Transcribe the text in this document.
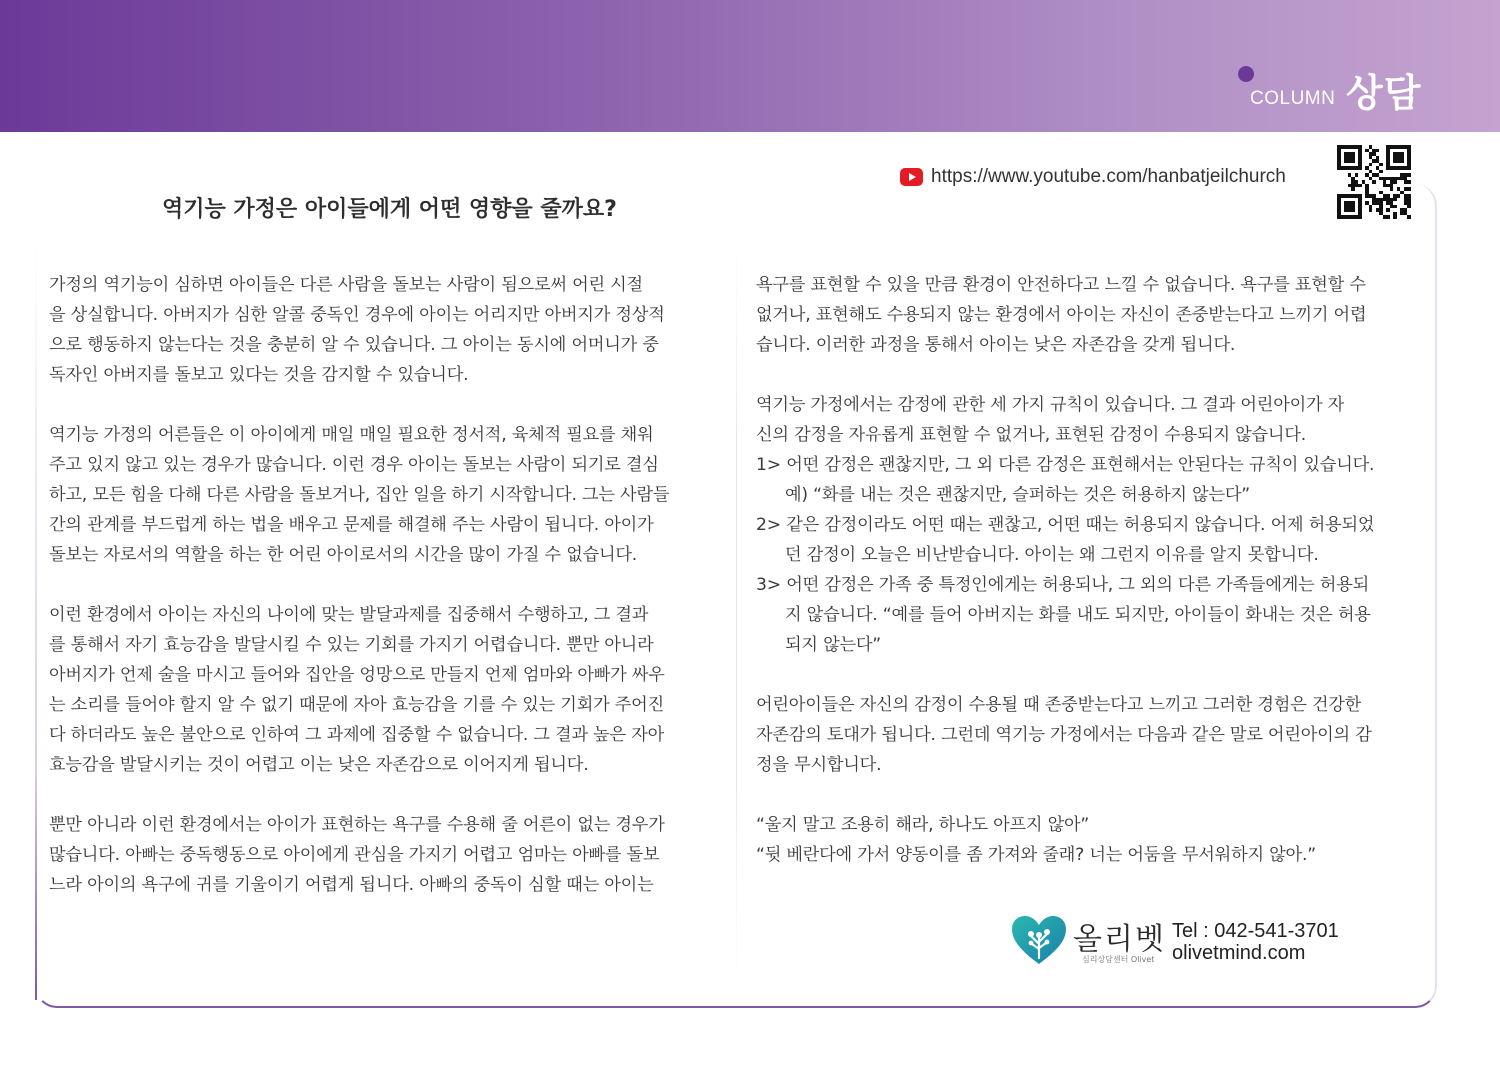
COLUMN 상담
https://www.youtube.com/hanbatjeilchurch
역기능 가정은 아이들에게 어떤 영향을 줄까요?

가정의 역기능이 심하면 아이들은 다른 사람을 돌보는 사람이 됨으로써 어린 시절
을 상실합니다. 아버지가 심한 알콜 중독인 경우에 아이는 어리지만 아버지가 정상적
으로 행동하지 않는다는 것을 충분히 알 수 있습니다. 그 아이는 동시에 어머니가 중
독자인 아버지를 돌보고 있다는 것을 감지할 수 있습니다.

역기능 가정의 어른들은 이 아이에게 매일 매일 필요한 정서적, 육체적 필요를 채워
주고 있지 않고 있는 경우가 많습니다. 이런 경우 아이는 돌보는 사람이 되기로 결심
하고, 모든 힘을 다해 다른 사람을 돌보거나, 집안 일을 하기 시작합니다. 그는 사람들
간의 관계를 부드럽게 하는 법을 배우고 문제를 해결해 주는 사람이 됩니다. 아이가
돌보는 자로서의 역할을 하는 한 어린 아이로서의 시간을 많이 가질 수 없습니다.

이런 환경에서 아이는 자신의 나이에 맞는 발달과제를 집중해서 수행하고, 그 결과
를 통해서 자기 효능감을 발달시킬 수 있는 기회를 가지기 어렵습니다. 뿐만 아니라
아버지가 언제 술을 마시고 들어와 집안을 엉망으로 만들지 언제 엄마와 아빠가 싸우
는 소리를 들어야 할지 알 수 없기 때문에 자아 효능감을 기를 수 있는 기회가 주어진
다 하더라도 높은 불안으로 인하여 그 과제에 집중할 수 없습니다. 그 결과 높은 자아
효능감을 발달시키는 것이 어렵고 이는 낮은 자존감으로 이어지게 됩니다.

뿐만 아니라 이런 환경에서는 아이가 표현하는 욕구를 수용해 줄 어른이 없는 경우가
많습니다. 아빠는 중독행동으로 아이에게 관심을 가지기 어렵고 엄마는 아빠를 돌보
느라 아이의 욕구에 귀를 기울이기 어렵게 됩니다. 아빠의 중독이 심할 때는 아이는

욕구를 표현할 수 있을 만큼 환경이 안전하다고 느낄 수 없습니다. 욕구를 표현할 수
없거나, 표현해도 수용되지 않는 환경에서 아이는 자신이 존중받는다고 느끼기 어렵
습니다. 이러한 과정을 통해서 아이는 낮은 자존감을 갖게 됩니다.

역기능 가정에서는 감정에 관한 세 가지 규칙이 있습니다. 그 결과 어린아이가 자
신의 감정을 자유롭게 표현할 수 없거나, 표현된 감정이 수용되지 않습니다.

1> 어떤 감정은 괜찮지만, 그 외 다른 감정은 표현해서는 안된다는 규칙이 있습니다.

예) “화를 내는 것은 괜찮지만, 슬퍼하는 것은 허용하지 않는다”

2> 같은 감정이라도 어떤 때는 괜찮고, 어떤 때는 허용되지 않습니다. 어제 허용되었

던 감정이 오늘은 비난받습니다. 아이는 왜 그런지 이유를 알지 못합니다.

3> 어떤 감정은 가족 중 특정인에게는 허용되나, 그 외의 다른 가족들에게는 허용되

지 않습니다. “예를 들어 아버지는 화를 내도 되지만, 아이들이 화내는 것은 허용
되지 않는다”

어린아이들은 자신의 감정이 수용될 때 존중받는다고 느끼고 그러한 경험은 건강한
자존감의 토대가 됩니다. 그런데 역기능 가정에서는 다음과 같은 말로 어린아이의 감
정을 무시합니다.

“울지 말고 조용히 해라, 하나도 아프지 않아”

“뒷 베란다에 가서 양동이를 좀 가져와 줄래? 너는 어둠을 무서워하지 않아.”

올리벳
심리상담센터 Olivet
Tel : 042-541-3701
olivetmind.com
